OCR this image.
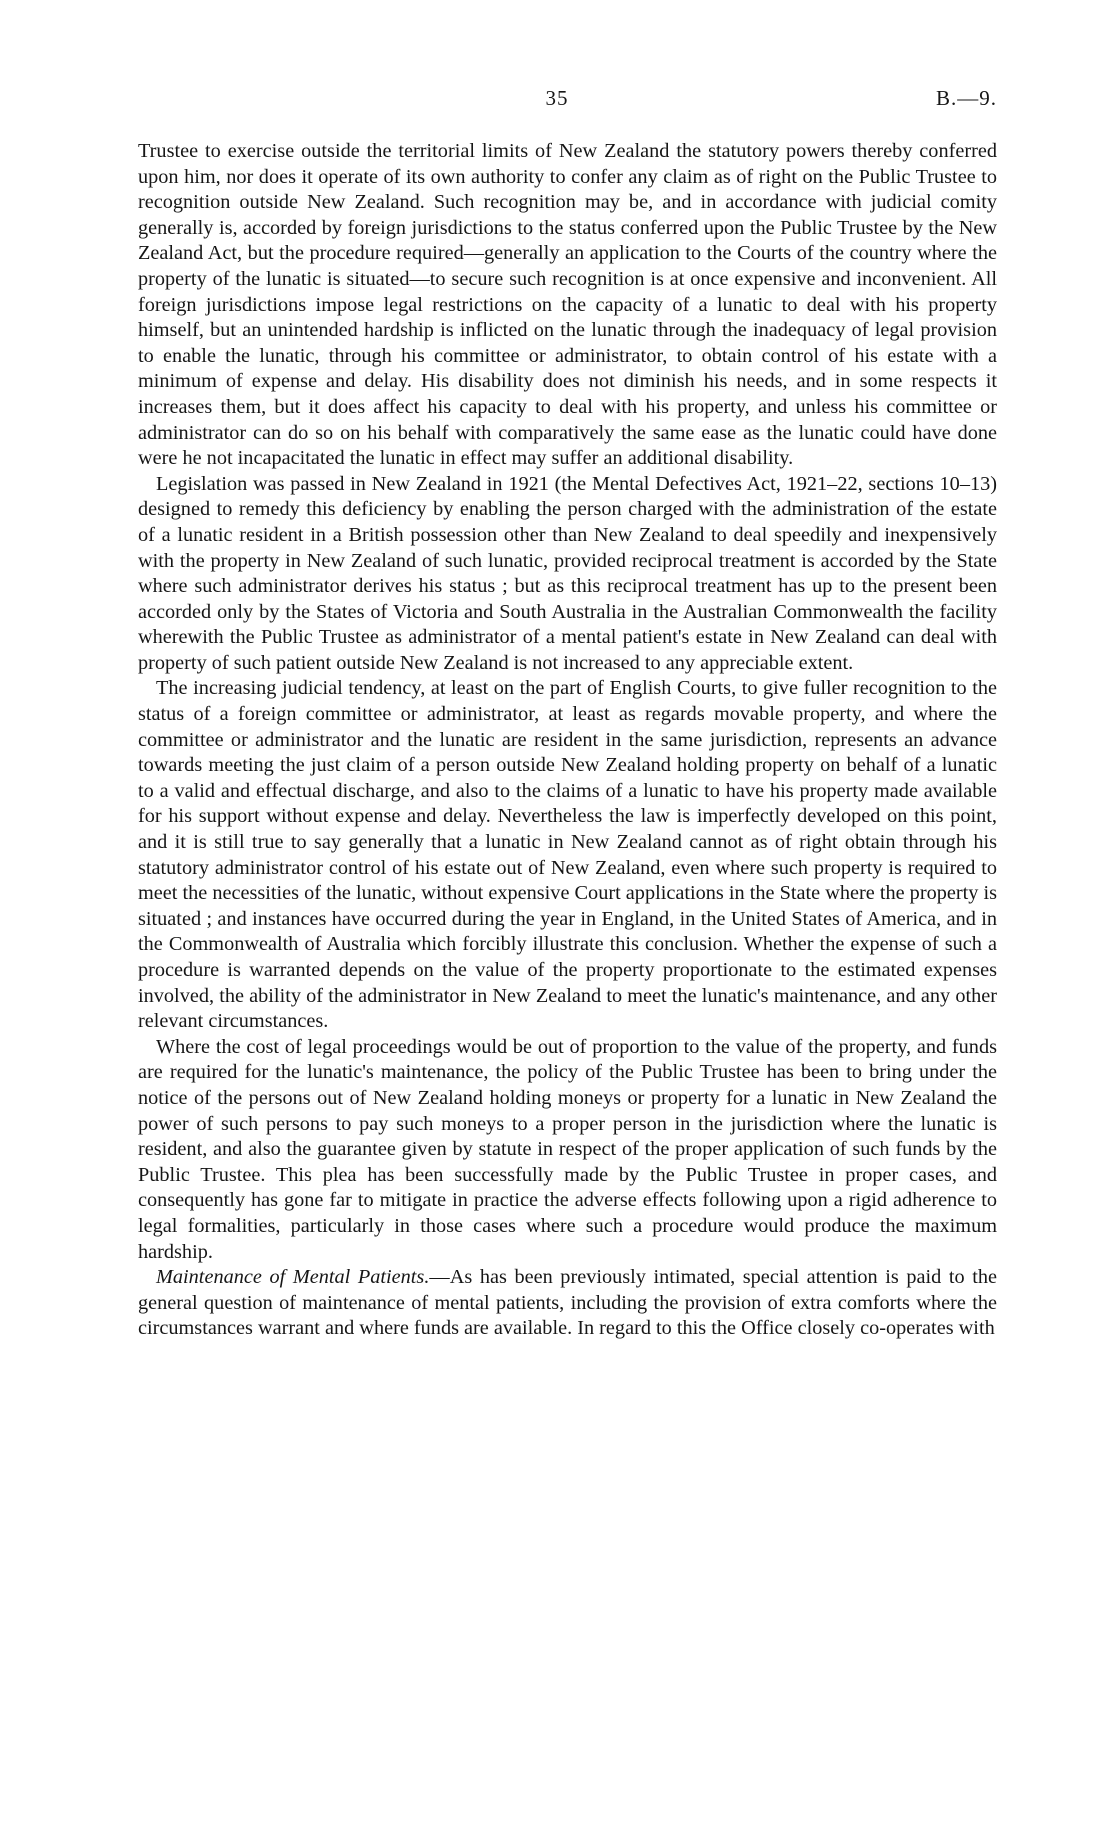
35	B.—9.

Trustee to exercise outside the territorial limits of New Zealand the statutory powers thereby conferred upon him, nor does it operate of its own authority to confer any claim as of right on the Public Trustee to recognition outside New Zealand. Such recognition may be, and in accordance with judicial comity generally is, accorded by foreign jurisdictions to the status conferred upon the Public Trustee by the New Zealand Act, but the procedure required—generally an application to the Courts of the country where the property of the lunatic is situated—to secure such recognition is at once expensive and inconvenient. All foreign jurisdictions impose legal restrictions on the capacity of a lunatic to deal with his property himself, but an unintended hardship is inflicted on the lunatic through the inadequacy of legal provision to enable the lunatic, through his committee or administrator, to obtain control of his estate with a minimum of expense and delay. His disability does not diminish his needs, and in some respects it increases them, but it does affect his capacity to deal with his property, and unless his committee or administrator can do so on his behalf with comparatively the same ease as the lunatic could have done were he not incapacitated the lunatic in effect may suffer an additional disability.

Legislation was passed in New Zealand in 1921 (the Mental Defectives Act, 1921–22, sections 10–13) designed to remedy this deficiency by enabling the person charged with the administration of the estate of a lunatic resident in a British possession other than New Zealand to deal speedily and inexpensively with the property in New Zealand of such lunatic, provided reciprocal treatment is accorded by the State where such administrator derives his status ; but as this reciprocal treatment has up to the present been accorded only by the States of Victoria and South Australia in the Australian Commonwealth the facility wherewith the Public Trustee as administrator of a mental patient's estate in New Zealand can deal with property of such patient outside New Zealand is not increased to any appreciable extent.

The increasing judicial tendency, at least on the part of English Courts, to give fuller recognition to the status of a foreign committee or administrator, at least as regards movable property, and where the committee or administrator and the lunatic are resident in the same jurisdiction, represents an advance towards meeting the just claim of a person outside New Zealand holding property on behalf of a lunatic to a valid and effectual discharge, and also to the claims of a lunatic to have his property made available for his support without expense and delay. Nevertheless the law is imperfectly developed on this point, and it is still true to say generally that a lunatic in New Zealand cannot as of right obtain through his statutory administrator control of his estate out of New Zealand, even where such property is required to meet the necessities of the lunatic, without expensive Court applications in the State where the property is situated ; and instances have occurred during the year in England, in the United States of America, and in the Commonwealth of Australia which forcibly illustrate this conclusion. Whether the expense of such a procedure is warranted depends on the value of the property proportionate to the estimated expenses involved, the ability of the administrator in New Zealand to meet the lunatic's maintenance, and any other relevant circumstances.

Where the cost of legal proceedings would be out of proportion to the value of the property, and funds are required for the lunatic's maintenance, the policy of the Public Trustee has been to bring under the notice of the persons out of New Zealand holding moneys or property for a lunatic in New Zealand the power of such persons to pay such moneys to a proper person in the jurisdiction where the lunatic is resident, and also the guarantee given by statute in respect of the proper application of such funds by the Public Trustee. This plea has been successfully made by the Public Trustee in proper cases, and consequently has gone far to mitigate in practice the adverse effects following upon a rigid adherence to legal formalities, particularly in those cases where such a procedure would produce the maximum hardship.

Maintenance of Mental Patients.—As has been previously intimated, special attention is paid to the general question of maintenance of mental patients, including the provision of extra comforts where the circumstances warrant and where funds are available. In regard to this the Office closely co-operates with
